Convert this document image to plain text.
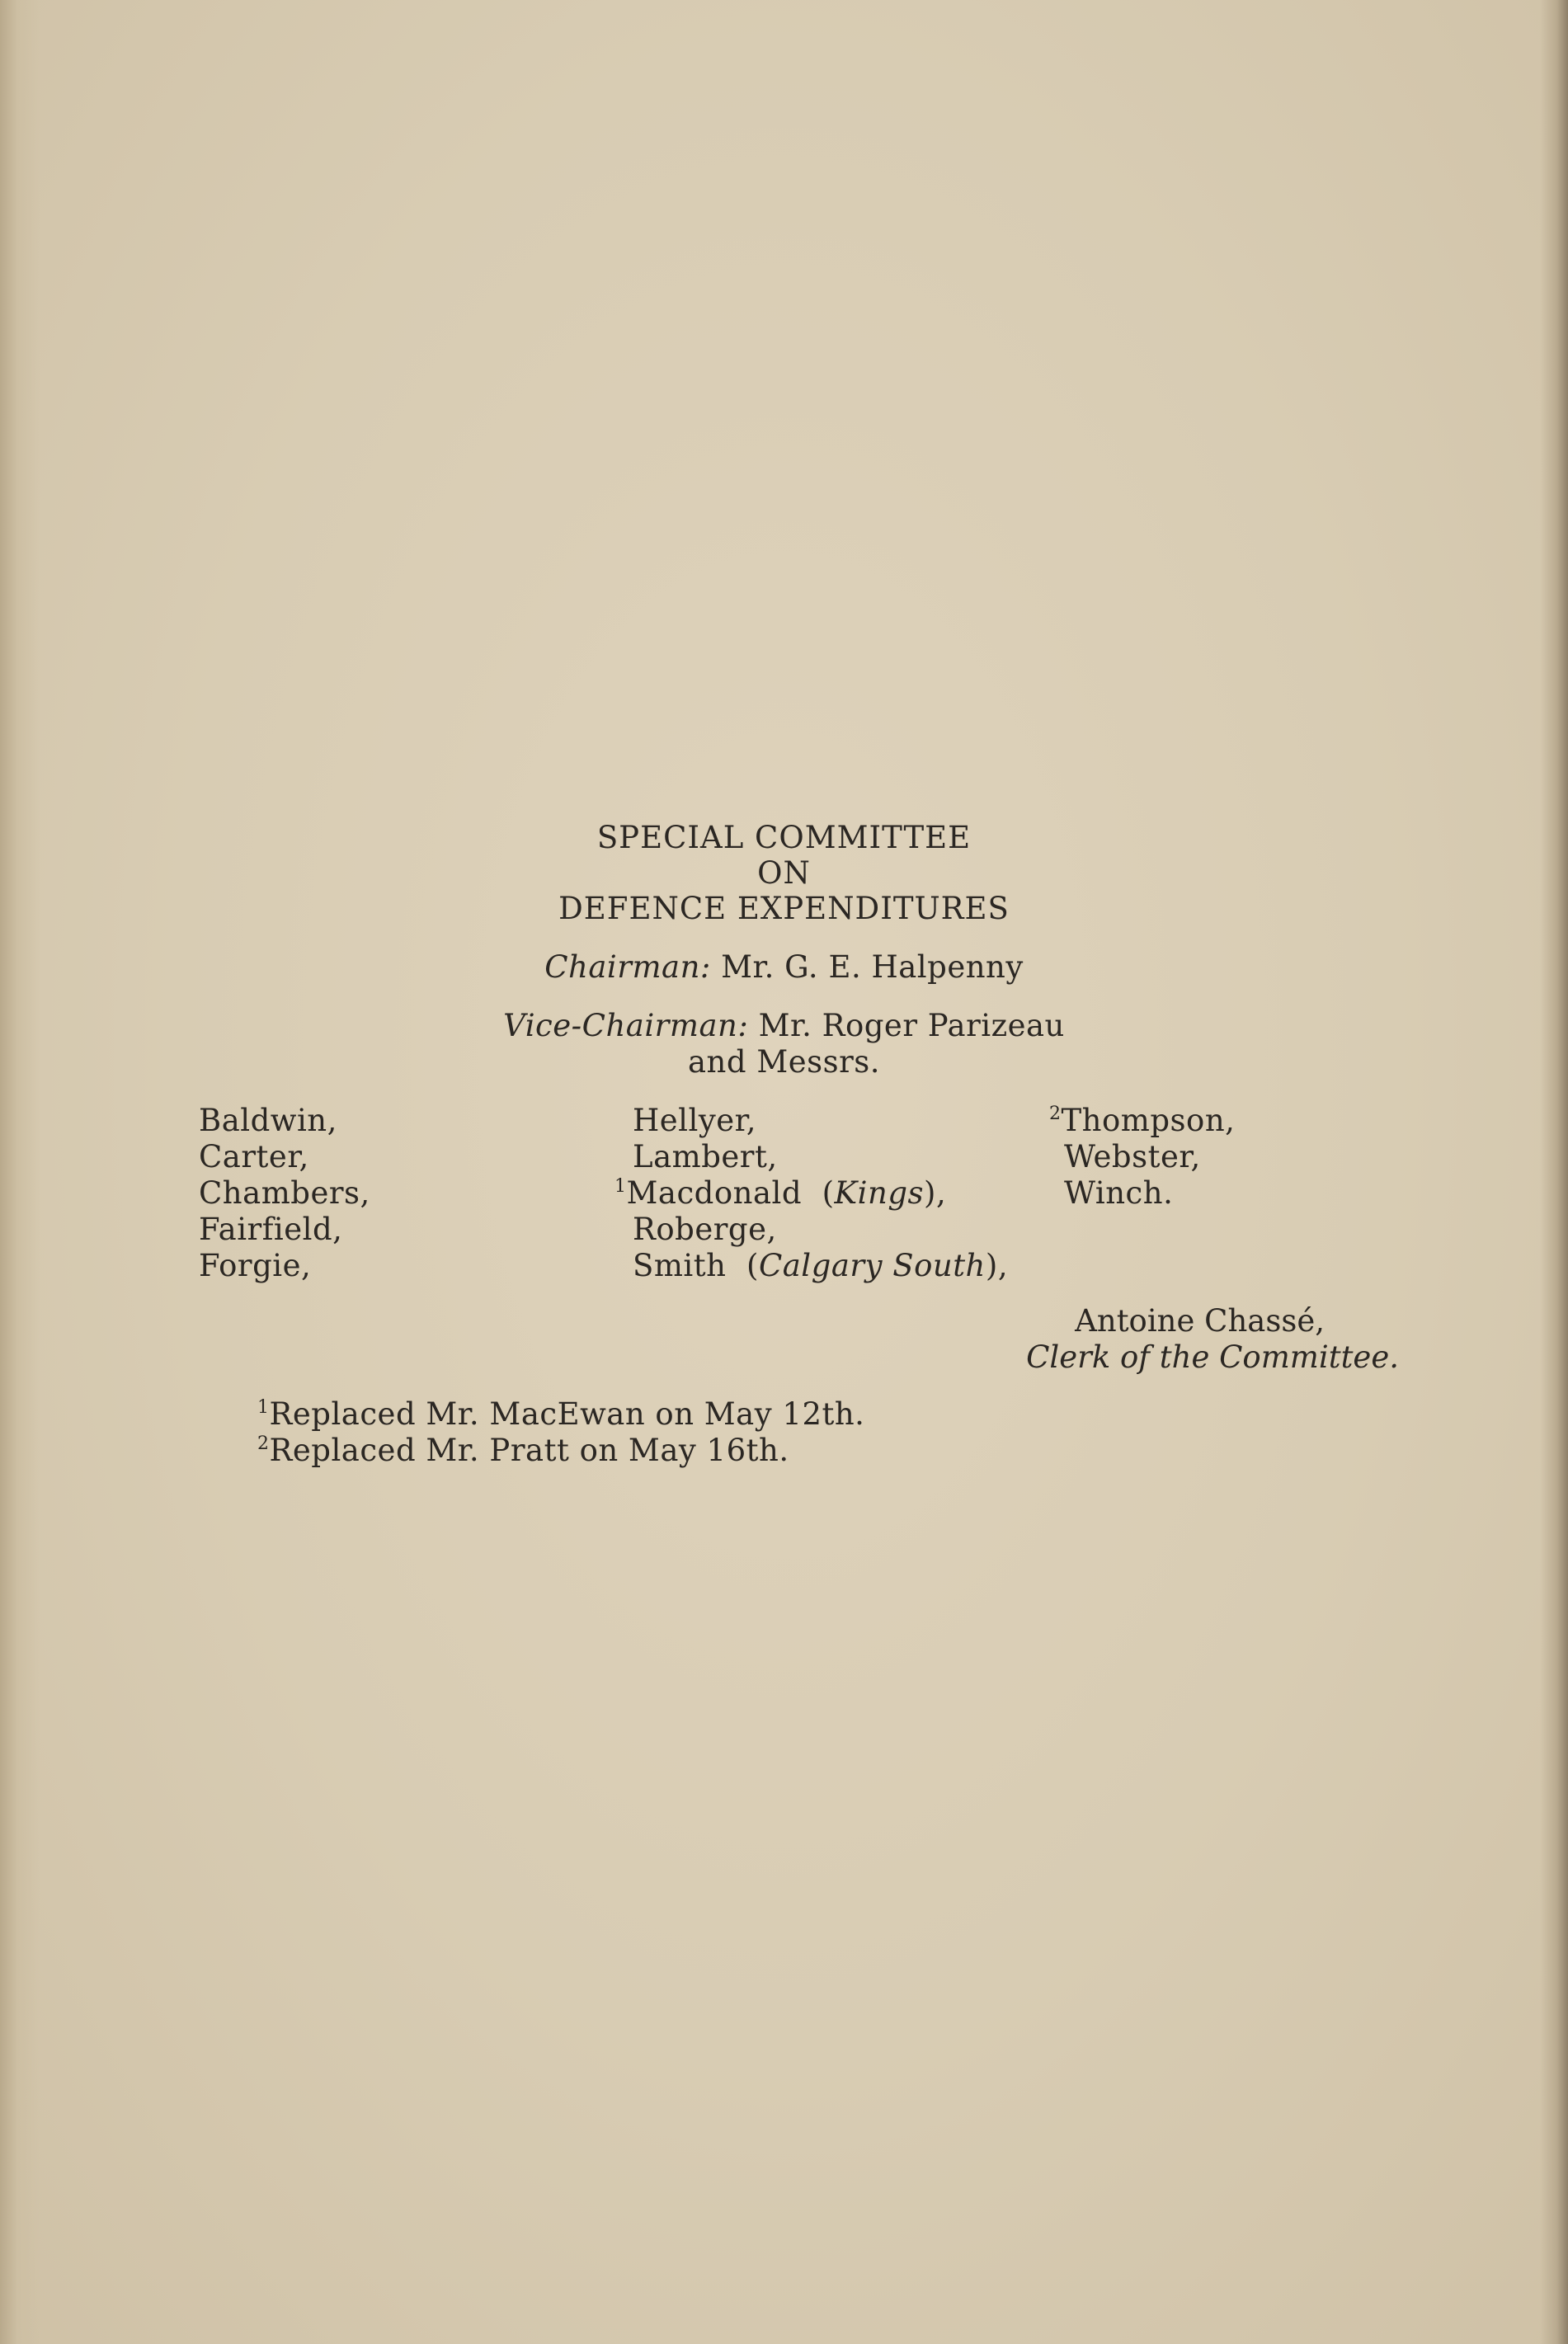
SPECIAL COMMITTEE
ON
DEFENCE EXPENDITURES
Chairman: Mr. G. E. Halpenny
Vice-Chairman: Mr. Roger Parizeau
and Messrs.
Baldwin,
Carter,
Chambers,
Fairfield,
Forgie,
Hellyer,
Lambert,
$^1$Macdonald  (Kings),
Roberge,
Smith  (Calgary South),
$^2$Thompson,
Webster,
Winch.
Antoine Chassé,
Clerk of the Committee.
$^1$Replaced Mr. MacEwan on May 12th.
$^2$Replaced Mr. Pratt on May 16th.
